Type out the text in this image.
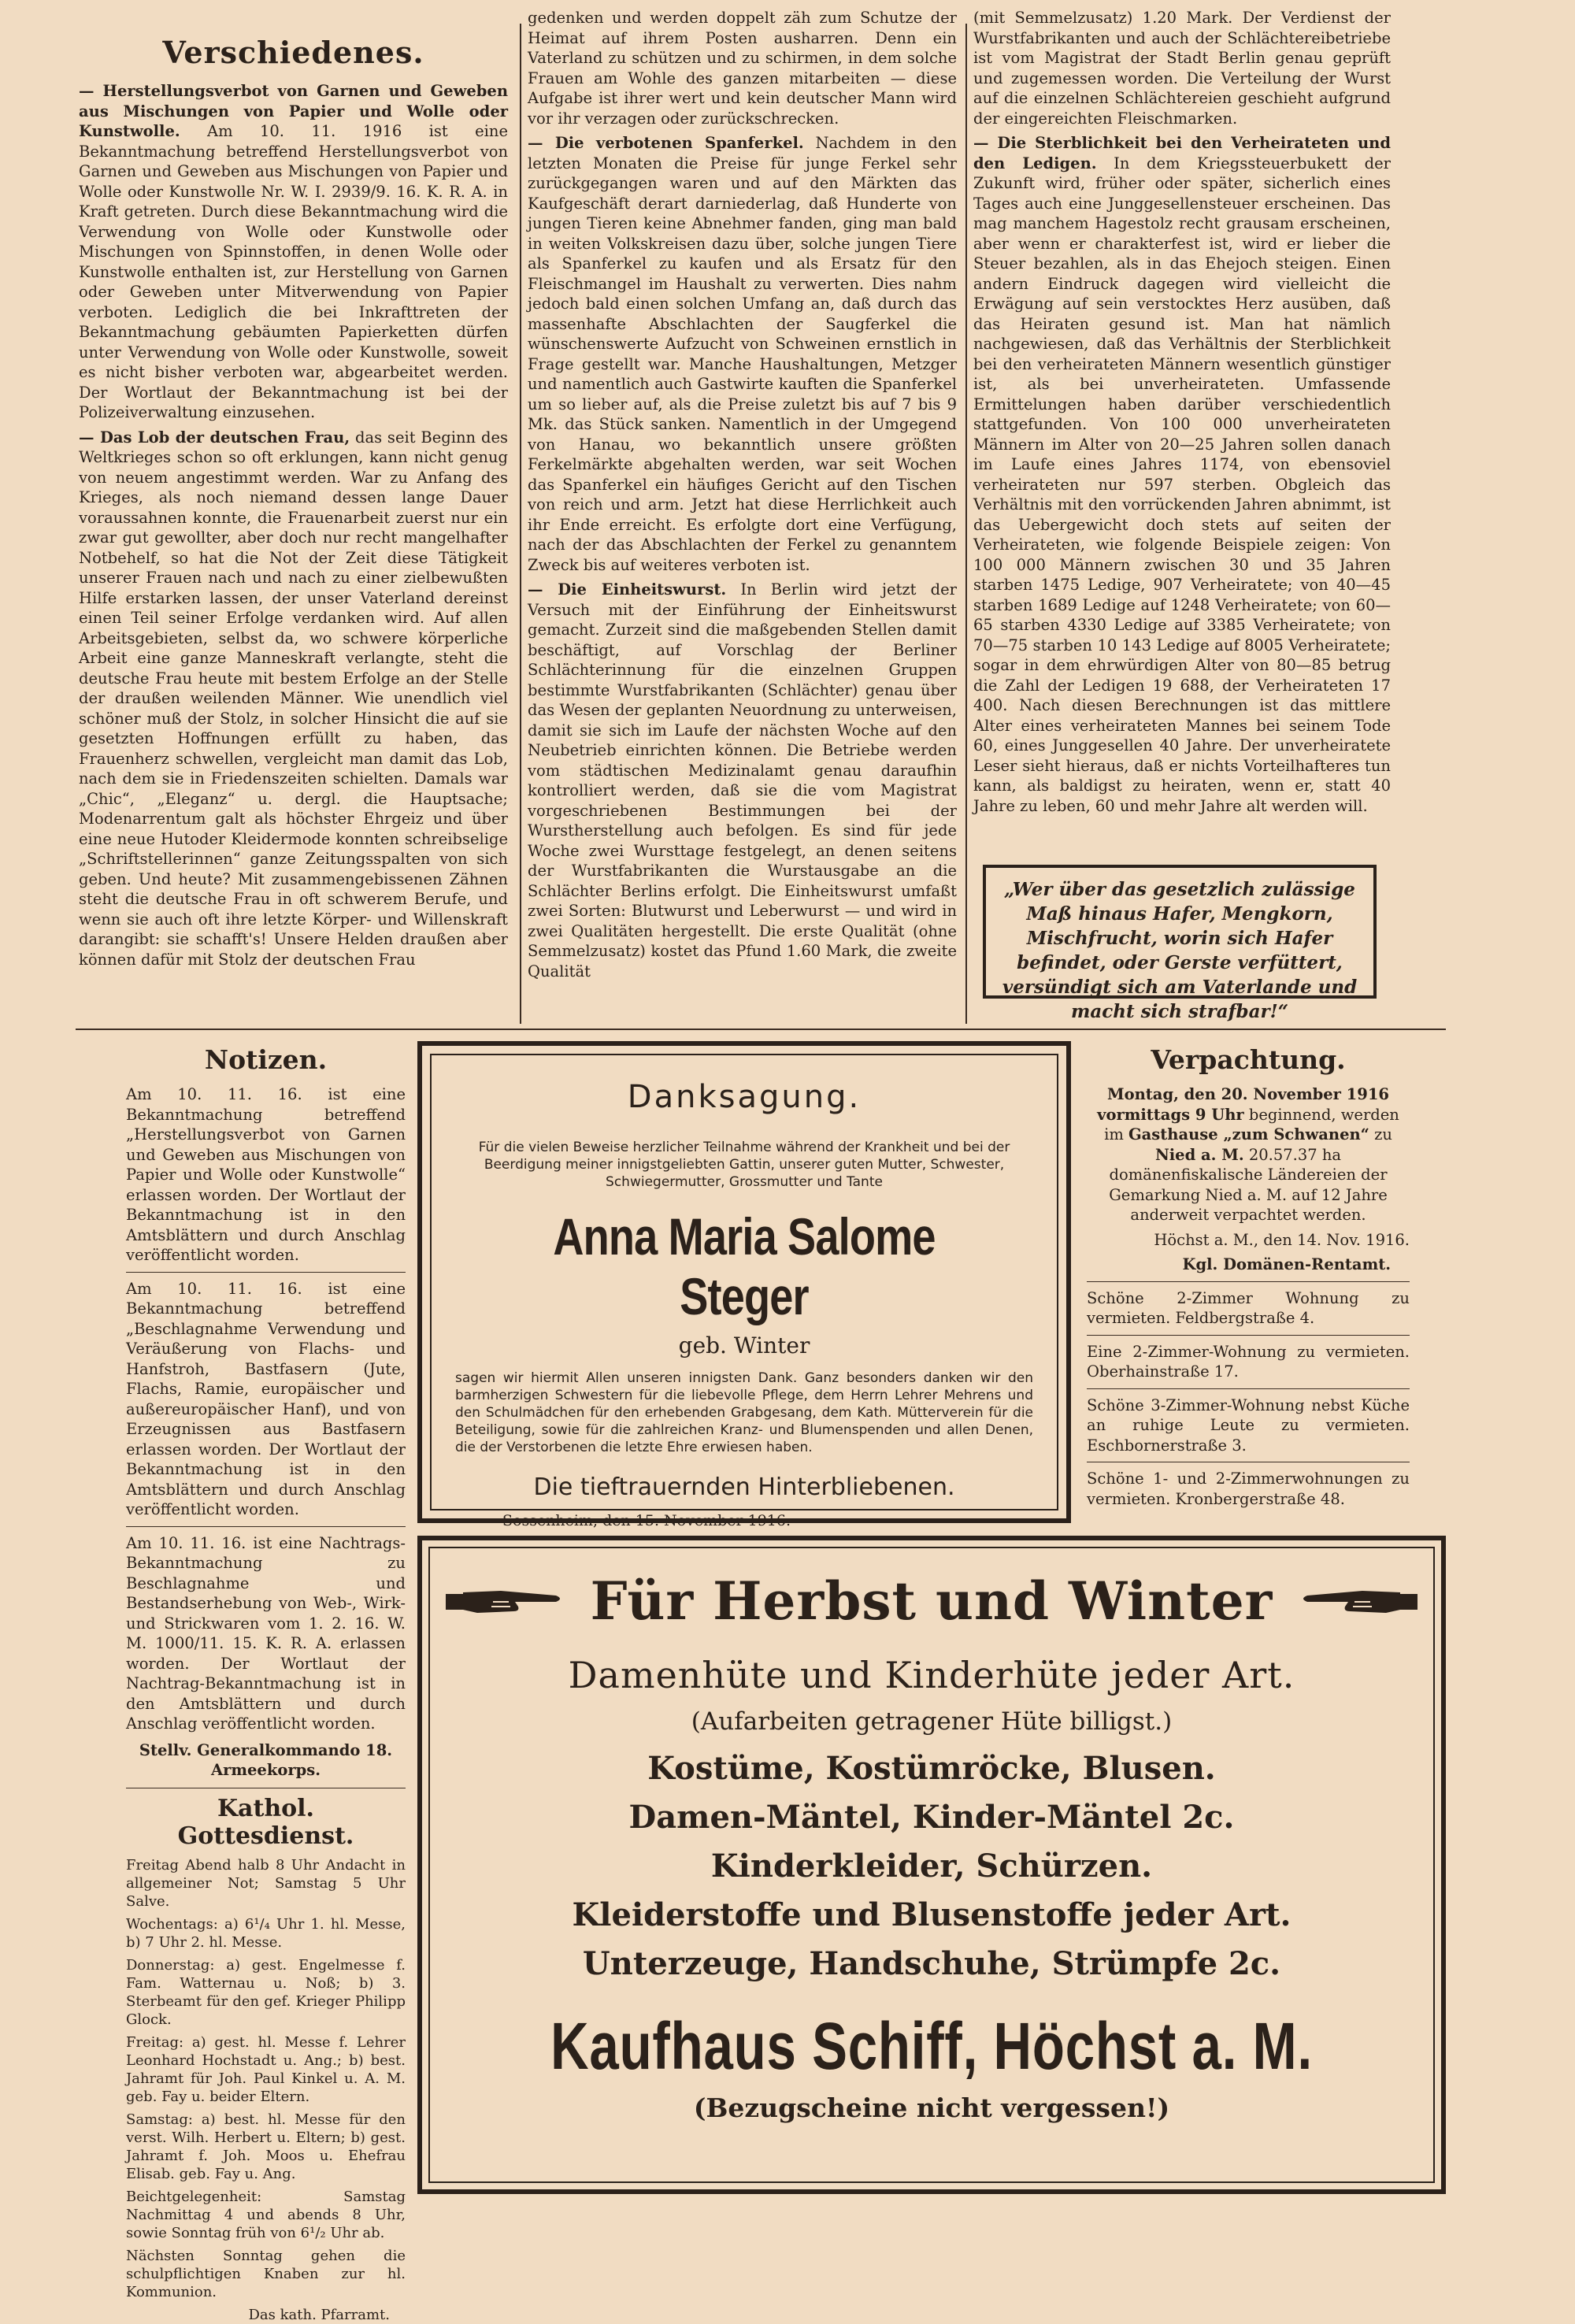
Verschiedenes.

— Herstellungsverbot von Garnen und Geweben aus Mischungen von Papier und Wolle oder Kunstwolle. Am 10. 11. 1916 ist eine Bekanntmachung betreffend Herstellungsverbot von Garnen und Geweben aus Mischungen von Papier und Wolle oder Kunstwolle Nr. W. I. 2939/9. 16. K. R. A. in Kraft getreten. Durch diese Bekanntmachung wird die Verwendung von Wolle oder Kunstwolle oder Mischungen von Spinnstoffen, in denen Wolle oder Kunstwolle enthalten ist, zur Herstellung von Garnen oder Geweben unter Mitverwendung von Papier verboten. Lediglich die bei Inkrafttreten der Bekanntmachung gebäumten Papierketten dürfen unter Verwendung von Wolle oder Kunstwolle, soweit es nicht bisher verboten war, abgearbeitet werden. Der Wortlaut der Bekanntmachung ist bei der Polizeiverwaltung einzusehen.

— Das Lob der deutschen Frau, das seit Beginn des Weltkrieges schon so oft erklungen, kann nicht genug von neuem angestimmt werden. War zu Anfang des Krieges, als noch niemand dessen lange Dauer voraussahnen konnte, die Frauenarbeit zuerst nur ein zwar gut gewollter, aber doch nur recht mangelhafter Notbehelf, so hat die Not der Zeit diese Tätigkeit unserer Frauen nach und nach zu einer zielbewußten Hilfe erstarken lassen, der unser Vaterland dereinst einen Teil seiner Erfolge verdanken wird. Auf allen Arbeitsgebieten, selbst da, wo schwere körperliche Arbeit eine ganze Manneskraft verlangte, steht die deutsche Frau heute mit bestem Erfolge an der Stelle der draußen weilenden Männer. Wie unendlich viel schöner muß der Stolz, in solcher Hinsicht die auf sie gesetzten Hoffnungen erfüllt zu haben, das Frauenherz schwellen, vergleicht man damit das Lob, nach dem sie in Friedenszeiten schielten. Damals war „Chic“, „Eleganz“ u. dergl. die Hauptsache; Modenarrentum galt als höchster Ehrgeiz und über eine neue Hutoder Kleidermode konnten schreibselige „Schriftstellerinnen“ ganze Zeitungsspalten von sich geben. Und heute? Mit zusammengebissenen Zähnen steht die deutsche Frau in oft schwerem Berufe, und wenn sie auch oft ihre letzte Körper- und Willenskraft darangibt: sie schafft's! Unsere Helden draußen aber können dafür mit Stolz der deutschen Frau

gedenken und werden doppelt zäh zum Schutze der Heimat auf ihrem Posten ausharren. Denn ein Vaterland zu schützen und zu schirmen, in dem solche Frauen am Wohle des ganzen mitarbeiten — diese Aufgabe ist ihrer wert und kein deutscher Mann wird vor ihr verzagen oder zurückschrecken.

— Die verbotenen Spanferkel. Nachdem in den letzten Monaten die Preise für junge Ferkel sehr zurückgegangen waren und auf den Märkten das Kaufgeschäft derart darniederlag, daß Hunderte von jungen Tieren keine Abnehmer fanden, ging man bald in weiten Volkskreisen dazu über, solche jungen Tiere als Spanferkel zu kaufen und als Ersatz für den Fleischmangel im Haushalt zu verwerten. Dies nahm jedoch bald einen solchen Umfang an, daß durch das massenhafte Abschlachten der Saugferkel die wünschenswerte Aufzucht von Schweinen ernstlich in Frage gestellt war. Manche Haushaltungen, Metzger und namentlich auch Gastwirte kauften die Spanferkel um so lieber auf, als die Preise zuletzt bis auf 7 bis 9 Mk. das Stück sanken. Namentlich in der Umgegend von Hanau, wo bekanntlich unsere größten Ferkelmärkte abgehalten werden, war seit Wochen das Spanferkel ein häufiges Gericht auf den Tischen von reich und arm. Jetzt hat diese Herrlichkeit auch ihr Ende erreicht. Es erfolgte dort eine Verfügung, nach der das Abschlachten der Ferkel zu genanntem Zweck bis auf weiteres verboten ist.

— Die Einheitswurst. In Berlin wird jetzt der Versuch mit der Einführung der Einheitswurst gemacht. Zurzeit sind die maßgebenden Stellen damit beschäftigt, auf Vorschlag der Berliner Schlächterinnung für die einzelnen Gruppen bestimmte Wurstfabrikanten (Schlächter) genau über das Wesen der geplanten Neuordnung zu unterweisen, damit sie sich im Laufe der nächsten Woche auf den Neubetrieb einrichten können. Die Betriebe werden vom städtischen Medizinalamt genau daraufhin kontrolliert werden, daß sie die vom Magistrat vorgeschriebenen Bestimmungen bei der Wurstherstellung auch befolgen. Es sind für jede Woche zwei Wursttage festgelegt, an denen seitens der Wurstfabrikanten die Wurstausgabe an die Schlächter Berlins erfolgt. Die Einheitswurst umfaßt zwei Sorten: Blutwurst und Leberwurst — und wird in zwei Qualitäten hergestellt. Die erste Qualität (ohne Semmelzusatz) kostet das Pfund 1.60 Mark, die zweite Qualität

(mit Semmelzusatz) 1.20 Mark. Der Verdienst der Wurstfabrikanten und auch der Schlächtereibetriebe ist vom Magistrat der Stadt Berlin genau geprüft und zugemessen worden. Die Verteilung der Wurst auf die einzelnen Schlächtereien geschieht aufgrund der eingereichten Fleischmarken.

— Die Sterblichkeit bei den Verheirateten und den Ledigen. In dem Kriegssteuerbukett der Zukunft wird, früher oder später, sicherlich eines Tages auch eine Junggesellensteuer erscheinen. Das mag manchem Hagestolz recht grausam erscheinen, aber wenn er charakterfest ist, wird er lieber die Steuer bezahlen, als in das Ehejoch steigen. Einen andern Eindruck dagegen wird vielleicht die Erwägung auf sein verstocktes Herz ausüben, daß das Heiraten gesund ist. Man hat nämlich nachgewiesen, daß das Verhältnis der Sterblichkeit bei den verheirateten Männern wesentlich günstiger ist, als bei unverheirateten. Umfassende Ermittelungen haben darüber verschiedentlich stattgefunden. Von 100 000 unverheirateten Männern im Alter von 20—25 Jahren sollen danach im Laufe eines Jahres 1174, von ebensoviel verheirateten nur 597 sterben. Obgleich das Verhältnis mit den vorrückenden Jahren abnimmt, ist das Uebergewicht doch stets auf seiten der Verheirateten, wie folgende Beispiele zeigen: Von 100 000 Männern zwischen 30 und 35 Jahren starben 1475 Ledige, 907 Verheiratete; von 40—45 starben 1689 Ledige auf 1248 Verheiratete; von 60—65 starben 4330 Ledige auf 3385 Verheiratete; von 70—75 starben 10 143 Ledige auf 8005 Verheiratete; sogar in dem ehrwürdigen Alter von 80—85 betrug die Zahl der Ledigen 19 688, der Verheirateten 17 400. Nach diesen Berechnungen ist das mittlere Alter eines verheirateten Mannes bei seinem Tode 60, eines Junggesellen 40 Jahre. Der unverheiratete Leser sieht hieraus, daß er nichts Vorteilhafteres tun kann, als baldigst zu heiraten, wenn er, statt 40 Jahre zu leben, 60 und mehr Jahre alt werden will.

„Wer über das gesetzlich zulässige Maß hinaus Hafer, Mengkorn, Mischfrucht, worin sich Hafer befindet, oder Gerste verfüttert, versündigt sich am Vaterlande und macht sich strafbar!“
Notizen.

Am 10. 11. 16. ist eine Bekanntmachung betreffend „Herstellungsverbot von Garnen und Geweben aus Mischungen von Papier und Wolle oder Kunstwolle“ erlassen worden. Der Wortlaut der Bekanntmachung ist in den Amtsblättern und durch Anschlag veröffentlicht worden.

Am 10. 11. 16. ist eine Bekanntmachung betreffend „Beschlagnahme Verwendung und Veräußerung von Flachs- und Hanfstroh, Bastfasern (Jute, Flachs, Ramie, europäischer und außereuropäischer Hanf), und von Erzeugnissen aus Bastfasern erlassen worden. Der Wortlaut der Bekanntmachung ist in den Amtsblättern und durch Anschlag veröffentlicht worden.

Am 10. 11. 16. ist eine Nachtrags-Bekanntmachung zu Beschlagnahme und Bestandserhebung von Web-, Wirk- und Strickwaren vom 1. 2. 16. W. M. 1000/11. 15. K. R. A. erlassen worden. Der Wortlaut der Nachtrag-Bekanntmachung ist in den Amtsblättern und durch Anschlag veröffentlicht worden.

Stellv. Generalkommando 18. Armeekorps.
Kathol. Gottesdienst.

Freitag Abend halb 8 Uhr Andacht in allgemeiner Not; Samstag 5 Uhr Salve.

Wochentags: a) 6¹/₄ Uhr 1. hl. Messe, b) 7 Uhr 2. hl. Messe.

Donnerstag: a) gest. Engelmesse f. Fam. Watternau u. Noß; b) 3. Sterbeamt für den gef. Krieger Philipp Glock.

Freitag: a) gest. hl. Messe f. Lehrer Leonhard Hochstadt u. Ang.; b) best. Jahramt für Joh. Paul Kinkel u. A. M. geb. Fay u. beider Eltern.

Samstag: a) best. hl. Messe für den verst. Wilh. Herbert u. Eltern; b) gest. Jahramt f. Joh. Moos u. Ehefrau Elisab. geb. Fay u. Ang.

Beichtgelegenheit: Samstag Nachmittag 4 und abends 8 Uhr, sowie Sonntag früh von 6¹/₂ Uhr ab.

Nächsten Sonntag gehen die schulpflichtigen Knaben zur hl. Kommunion.

Das kath. Pfarramt.

Danksagung.
Für die vielen Beweise herzlicher Teilnahme während der Krankheit und bei der Beerdigung meiner innigstgeliebten Gattin, unserer guten Mutter, Schwester, Schwiegermutter, Grossmutter und Tante
Anna Maria Salome Steger
geb. Winter
sagen wir hiermit Allen unseren innigsten Dank. Ganz besonders danken wir den barmherzigen Schwestern für die liebevolle Pflege, dem Herrn Lehrer Mehrens und den Schulmädchen für den erhebenden Grabgesang, dem Kath. Mütterverein für die Beteiligung, sowie für die zahlreichen Kranz- und Blumenspenden und allen Denen, die der Verstorbenen die letzte Ehre erwiesen haben.
Die tieftrauernden Hinterbliebenen.
Sossenheim, den 15. November 1916.
Verpachtung.

Montag, den 20. November 1916 vormittags 9 Uhr beginnend, werden im Gasthause „zum Schwanen“ zu Nied a. M. 20.57.37 ha domänenfiskalische Ländereien der Gemarkung Nied a. M. auf 12 Jahre anderweit verpachtet werden.

Höchst a. M., den 14. Nov. 1916.

Kgl. Domänen-Rentamt.

Schöne 2-Zimmer Wohnung zu vermieten. Feldbergstraße 4.

Eine 2-Zimmer-Wohnung zu vermieten. Oberhainstraße 17.

Schöne 3-Zimmer-Wohnung nebst Küche an ruhige Leute zu vermieten. Eschbornerstraße 3.

Schöne 1- und 2-Zimmerwohnungen zu vermieten. Kronbergerstraße 48.

Für Herbst und Winter
Damenhüte und Kinderhüte jeder Art.
(Aufarbeiten getragener Hüte billigst.)
Kostüme, Kostümröcke, Blusen.
Damen-Mäntel, Kinder-Mäntel 2c.
Kinderkleider, Schürzen.
Kleiderstoffe und Blusenstoffe jeder Art.
Unterzeuge, Handschuhe, Strümpfe 2c.
Kaufhaus Schiff, Höchst a. M.
(Bezugscheine nicht vergessen!)
